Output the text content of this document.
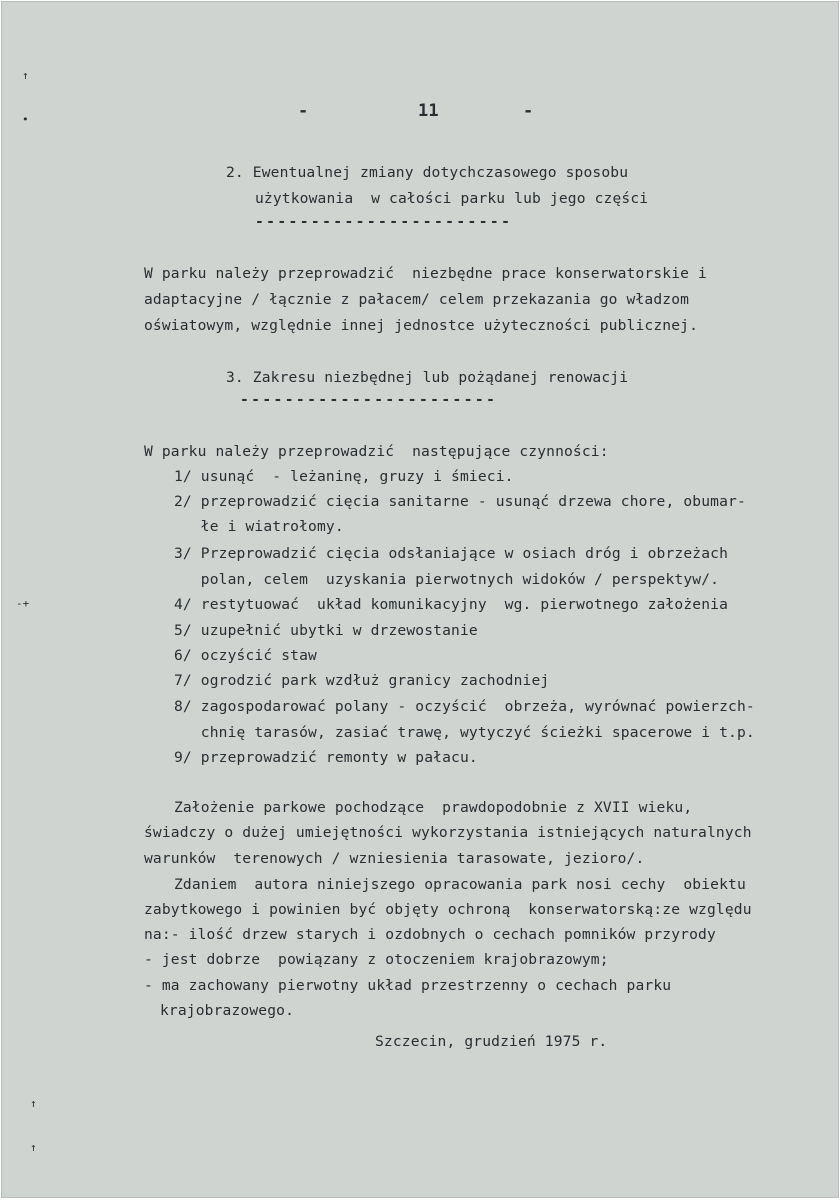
↑
•
-+
↑
↑
-	11	-
2. Ewentualnej zmiany dotychczasowego sposobu
użytkowania  w całości parku lub jego części
-----------------------
W parku należy przeprowadzić  niezbędne prace konserwatorskie i
adaptacyjne / łącznie z pałacem/ celem przekazania go władzom
oświatowym, względnie innej jednostce użyteczności publicznej.
3. Zakresu niezbędnej lub pożądanej renowacji
-----------------------
W parku należy przeprowadzić  następujące czynności:
1/ usunąć  - leżaninę, gruzy i śmieci.
2/ przeprowadzić cięcia sanitarne - usunąć drzewa chore, obumar-
łe i wiatrołomy.
3/ Przeprowadzić cięcia odsłaniające w osiach dróg i obrzeżach
polan, celem  uzyskania pierwotnych widoków / perspektyw/.
4/ restytuować  układ komunikacyjny  wg. pierwotnego założenia
5/ uzupełnić ubytki w drzewostanie
6/ oczyścić staw
7/ ogrodzić park wzdłuż granicy zachodniej
8/ zagospodarować polany - oczyścić  obrzeża, wyrównać powierzch-
chnię tarasów, zasiać trawę, wytyczyć ścieżki spacerowe i t.p.
9/ przeprowadzić remonty w pałacu.
Założenie parkowe pochodzące  prawdopodobnie z XVII wieku,
świadczy o dużej umiejętności wykorzystania istniejących naturalnych
warunków  terenowych / wzniesienia tarasowate, jezioro/.
Zdaniem  autora niniejszego opracowania park nosi cechy  obiektu
zabytkowego i powinien być objęty ochroną  konserwatorską:ze względu
na:- ilość drzew starych i ozdobnych o cechach pomników przyrody
- jest dobrze  powiązany z otoczeniem krajobrazowym;
- ma zachowany pierwotny układ przestrzenny o cechach parku
krajobrazowego.
Szczecin, grudzień 1975 r.
